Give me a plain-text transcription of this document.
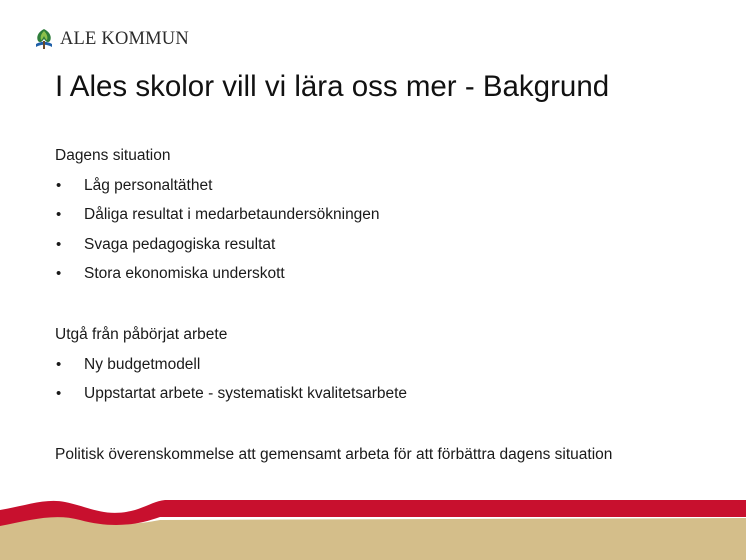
ALE KOMMUN
I Ales skolor vill vi lära oss mer - Bakgrund
Dagens situation
• Låg personaltäthet
• Dåliga resultat i medarbetaundersökningen
• Svaga pedagogiska resultat
• Stora ekonomiska underskott
Utgå från påbörjat arbete
• Ny budgetmodell
• Uppstartat arbete - systematiskt kvalitetsarbete
Politisk överenskommelse att gemensamt arbeta för att förbättra dagens situation
